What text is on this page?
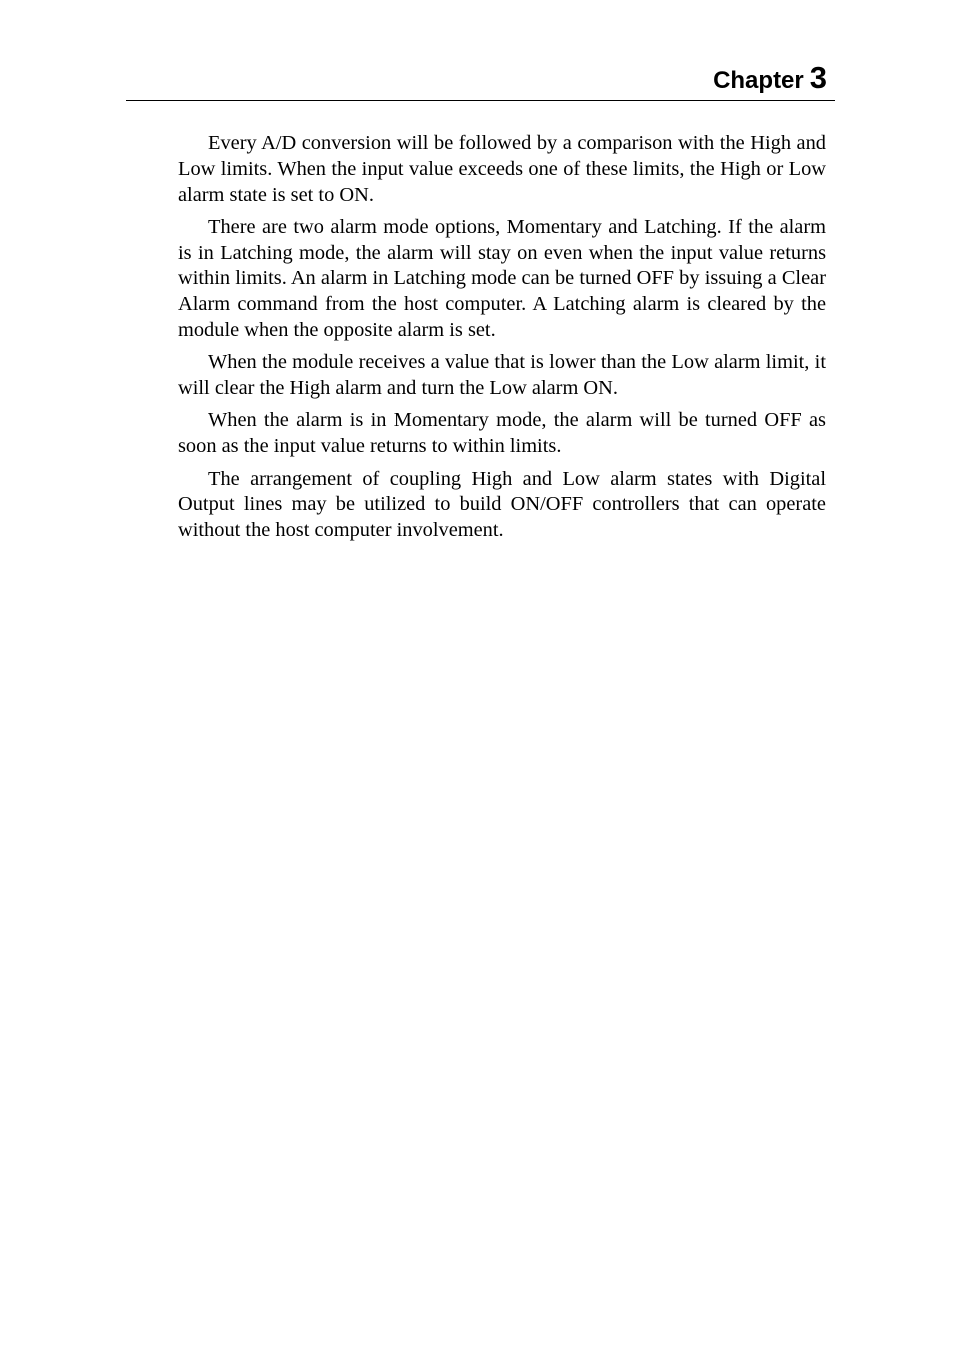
Chapter 3

Every A/D conversion will be followed by a comparison with the High and Low limits. When the input value exceeds one of these limits, the High or Low alarm state is set to ON.

There are two alarm mode options, Momentary and Latching. If the alarm is in Latching mode, the alarm will stay on even when the input value returns within limits. An alarm in Latching mode can be turned OFF by issuing a Clear Alarm command from the host computer. A Latching alarm is cleared by the module when the opposite alarm is set.

When the module receives a value that is lower than the Low alarm limit, it will clear the High alarm and turn the Low alarm ON.

When the alarm is in Momentary mode, the alarm will be turned OFF as soon as the input value returns to within limits.

The arrangement of coupling High and Low alarm states with Digital Output lines may be utilized to build ON/OFF controllers that can operate without the host computer involvement.
